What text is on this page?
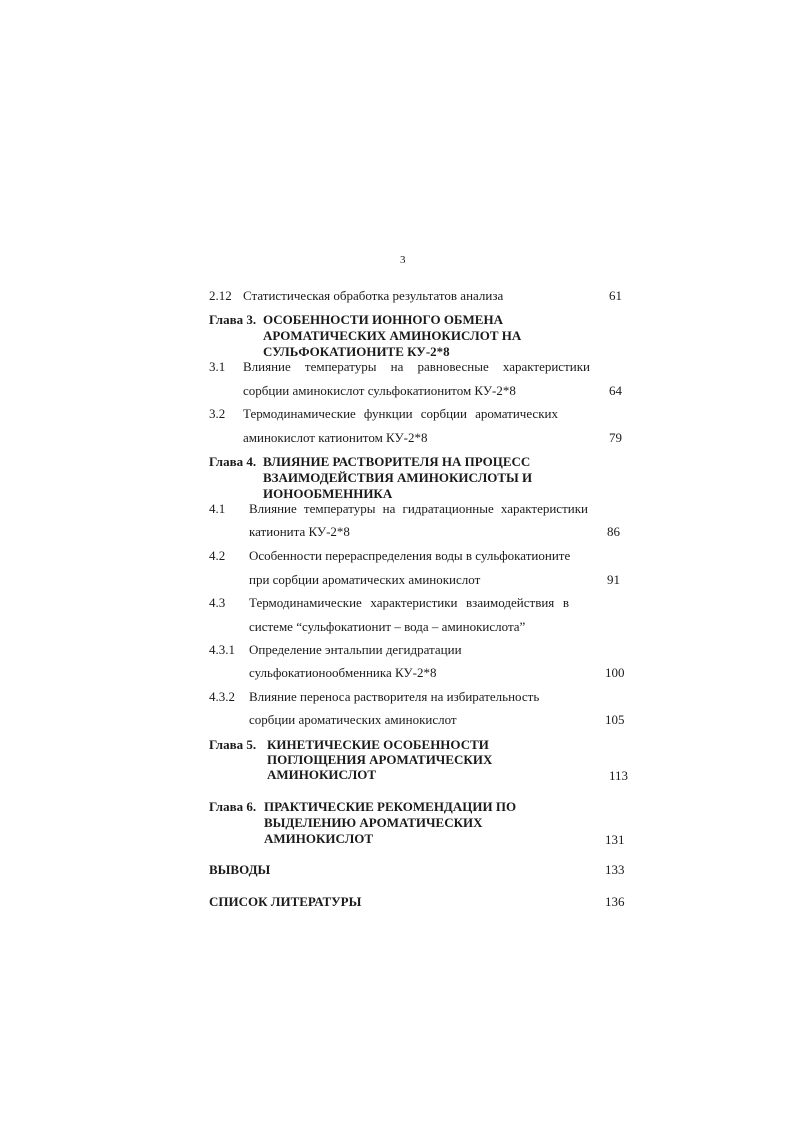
3
2.12 Статистическая обработка результатов анализа	61
Глава 3. ОСОБЕННОСТИ ИОННОГО ОБМЕНА
АРОМАТИЧЕСКИХ АМИНОКИСЛОТ НА
СУЛЬФОКАТИОНИТЕ КУ-2*8
3.1 Влияние температуры на равновесные характеристики
сорбции аминокислот сульфокатионитом КУ-2*8	64
3.2 Термодинамические функции сорбции ароматических
аминокислот катионитом КУ-2*8	79
Глава 4. ВЛИЯНИЕ РАСТВОРИТЕЛЯ НА ПРОЦЕСС
ВЗАИМОДЕЙСТВИЯ АМИНОКИСЛОТЫ И
ИОНООБМЕННИКА
4.1 Влияние температуры на гидратационные характеристики
катионита КУ-2*8	86
4.2 Особенности перераспределения воды в сульфокатионите
при сорбции ароматических аминокислот	91
4.3 Термодинамические характеристики взаимодействия в
системе “сульфокатионит – вода – аминокислота”
4.3.1 Определение энтальпии дегидратации
сульфокатионообменника КУ-2*8	100
4.3.2 Влияние переноса растворителя на избирательность
сорбции ароматических аминокислот	105
Глава 5. КИНЕТИЧЕСКИЕ ОСОБЕННОСТИ
ПОГЛОЩЕНИЯ АРОМАТИЧЕСКИХ
АМИНОКИСЛОТ	113
Глава 6. ПРАКТИЧЕСКИЕ РЕКОМЕНДАЦИИ ПО
ВЫДЕЛЕНИЮ АРОМАТИЧЕСКИХ
АМИНОКИСЛОТ	131
ВЫВОДЫ	133
СПИСОК ЛИТЕРАТУРЫ	136
